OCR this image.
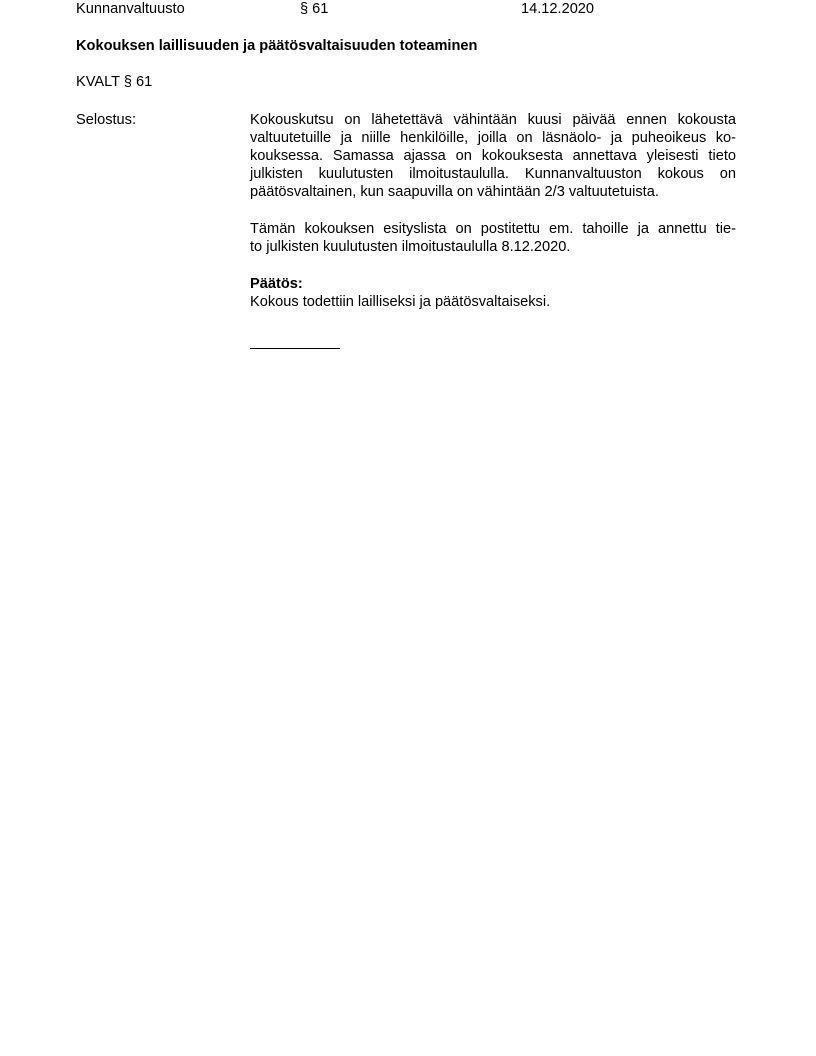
Kunnanvaltuusto	§ 61	14.12.2020
Kokouksen laillisuuden ja päätösvaltaisuuden toteaminen
KVALT § 61
Selostus:	Kokouskutsu on lähetettävä vähintään kuusi päivää ennen kokousta
valtuutetuille ja niille henkilöille, joilla on läsnäolo- ja puheoikeus ko-
kouksessa. Samassa ajassa on kokouksesta annettava yleisesti tieto
julkisten kuulutusten ilmoitustaululla. Kunnanvaltuuston kokous on
päätösvaltainen, kun saapuvilla on vähintään 2/3 valtuutetuista.
Tämän kokouksen esityslista on postitettu em. tahoille ja annettu tie-
to julkisten kuulutusten ilmoitustaululla 8.12.2020.
Päätös:
Kokous todettiin lailliseksi ja päätösvaltaiseksi.
